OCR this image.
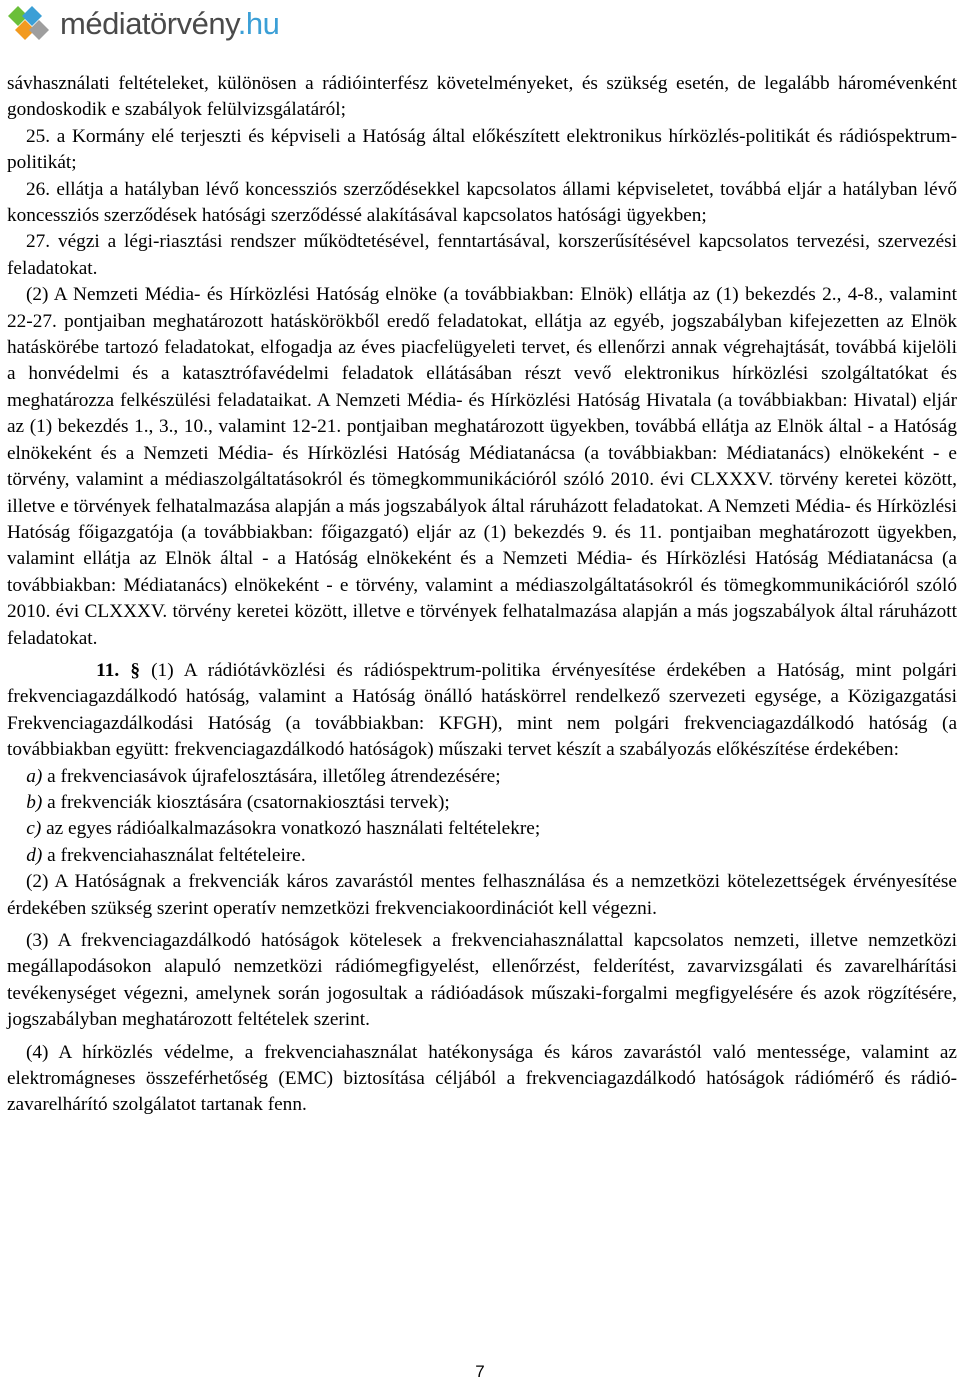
médiatörvény.hu

sávhasználati feltételeket, különösen a rádióinterfész követelményeket, és szükség esetén, de legalább háromévenként gondoskodik e szabályok felülvizsgálatáról;

25. a Kormány elé terjeszti és képviseli a Hatóság által előkészített elektronikus hírközlés-politikát és rádióspektrum-politikát;

26. ellátja a hatályban lévő koncessziós szerződésekkel kapcsolatos állami képviseletet, továbbá eljár a hatályban lévő koncessziós szerződések hatósági szerződéssé alakításával kapcsolatos hatósági ügyekben;

27. végzi a légi-riasztási rendszer működtetésével, fenntartásával, korszerűsítésével kapcsolatos tervezési, szervezési feladatokat.

(2) A Nemzeti Média- és Hírközlési Hatóság elnöke (a továbbiakban: Elnök) ellátja az (1) bekezdés 2., 4-8., valamint 22-27. pontjaiban meghatározott hatáskörökből eredő feladatokat, ellátja az egyéb, jogszabályban kifejezetten az Elnök hatáskörébe tartozó feladatokat, elfogadja az éves piacfelügyeleti tervet, és ellenőrzi annak végrehajtását, továbbá kijelöli a honvédelmi és a katasztrófavédelmi feladatok ellátásában részt vevő elektronikus hírközlési szolgáltatókat és meghatározza felkészülési feladataikat. A Nemzeti Média- és Hírközlési Hatóság Hivatala (a továbbiakban: Hivatal) eljár az (1) bekezdés 1., 3., 10., valamint 12-21. pontjaiban meghatározott ügyekben, továbbá ellátja az Elnök által - a Hatóság elnökeként és a Nemzeti Média- és Hírközlési Hatóság Médiatanácsa (a továbbiakban: Médiatanács) elnökeként - e törvény, valamint a médiaszolgáltatásokról és tömegkommunikációról szóló 2010. évi CLXXXV. törvény keretei között, illetve e törvények felhatalmazása alapján a más jogszabályok által ráruházott feladatokat. A Nemzeti Média- és Hírközlési Hatóság főigazgatója (a továbbiakban: főigazgató) eljár az (1) bekezdés 9. és 11. pontjaiban meghatározott ügyekben, valamint ellátja az Elnök által - a Hatóság elnökeként és a Nemzeti Média- és Hírközlési Hatóság Médiatanácsa (a továbbiakban: Médiatanács) elnökeként - e törvény, valamint a médiaszolgáltatásokról és tömegkommunikációról szóló 2010. évi CLXXXV. törvény keretei között, illetve e törvények felhatalmazása alapján a más jogszabályok által ráruházott feladatokat.

11. § (1) A rádiótávközlési és rádióspektrum-politika érvényesítése érdekében a Hatóság, mint polgári frekvenciagazdálkodó hatóság, valamint a Hatóság önálló hatáskörrel rendelkező szervezeti egysége, a Közigazgatási Frekvenciagazdálkodási Hatóság (a továbbiakban: KFGH), mint nem polgári frekvenciagazdálkodó hatóság (a továbbiakban együtt: frekvenciagazdálkodó hatóságok) műszaki tervet készít a szabályozás előkészítése érdekében:

a) a frekvenciasávok újrafelosztására, illetőleg átrendezésére;

b) a frekvenciák kiosztására (csatornakiosztási tervek);

c) az egyes rádióalkalmazásokra vonatkozó használati feltételekre;

d) a frekvenciahasználat feltételeire.

(2) A Hatóságnak a frekvenciák káros zavarástól mentes felhasználása és a nemzetközi kötelezettségek érvényesítése érdekében szükség szerint operatív nemzetközi frekvenciakoordinációt kell végezni.

(3) A frekvenciagazdálkodó hatóságok kötelesek a frekvenciahasználattal kapcsolatos nemzeti, illetve nemzetközi megállapodásokon alapuló nemzetközi rádiómegfigyelést, ellenőrzést, felderítést, zavarvizsgálati és zavarelhárítási tevékenységet végezni, amelynek során jogosultak a rádióadások műszaki-forgalmi megfigyelésére és azok rögzítésére, jogszabályban meghatározott feltételek szerint.

(4) A hírközlés védelme, a frekvenciahasználat hatékonysága és káros zavarástól való mentessége, valamint az elektromágneses összeférhetőség (EMC) biztosítása céljából a frekvenciagazdálkodó hatóságok rádiómérő és rádió-zavarelhárító szolgálatot tartanak fenn.

7
